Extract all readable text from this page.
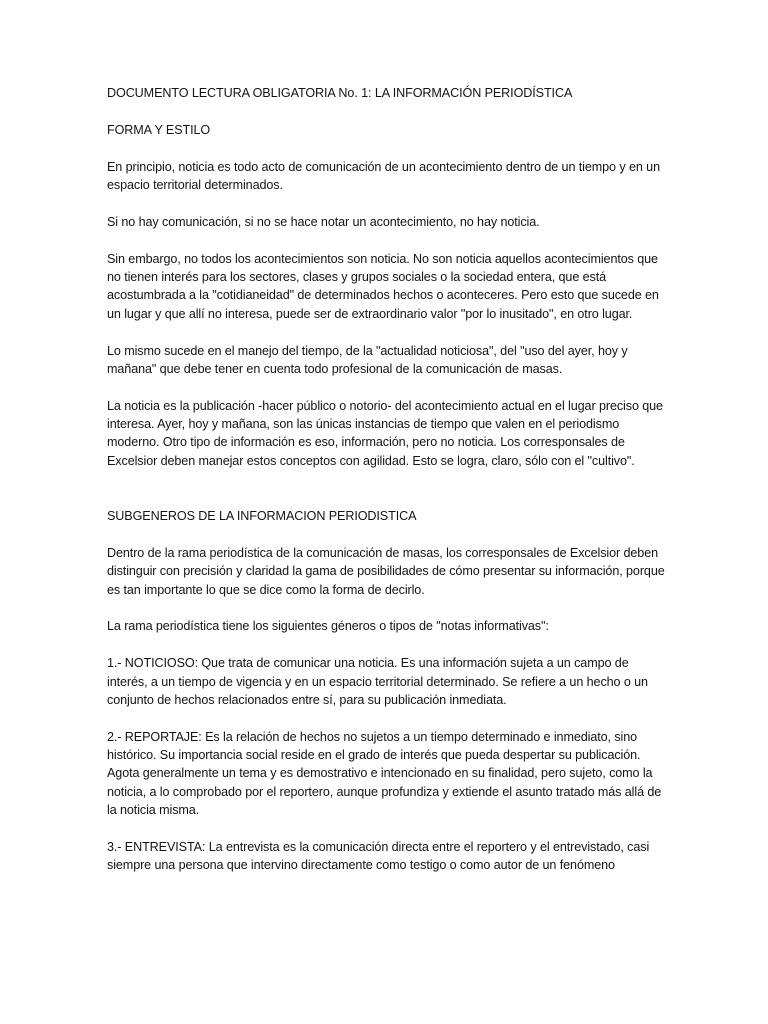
DOCUMENTO LECTURA OBLIGATORIA No. 1: LA INFORMACIÓN PERIODÍSTICA
FORMA Y ESTILO

En principio, noticia es todo acto de comunicación de un acontecimiento dentro de un tiempo y en un espacio territorial determinados.

Si no hay comunicación, si no se hace notar un acontecimiento, no hay noticia.

Sin embargo, no todos los acontecimientos son noticia. No son noticia aquellos acontecimientos que no tienen interés para los sectores, clases y grupos sociales o la sociedad entera, que está acostumbrada a la "cotidianeidad" de determinados hechos o aconteceres. Pero esto que sucede en un lugar y que allí no interesa, puede ser de extraordinario valor "por lo inusitado", en otro lugar.

Lo mismo sucede en el manejo del tiempo, de la "actualidad noticiosa", del "uso del ayer, hoy y mañana" que debe tener en cuenta todo profesional de la comunicación de masas.

La noticia es la publicación -hacer público o notorio- del acontecimiento actual en el lugar preciso que interesa. Ayer, hoy y mañana, son las únicas instancias de tiempo que valen en el periodismo moderno. Otro tipo de información es eso, información, pero no noticia. Los corresponsales de Excelsior deben manejar estos conceptos con agilidad. Esto se logra, claro, sólo con el "cultivo".

SUBGENEROS DE LA INFORMACION PERIODISTICA

Dentro de la rama periodística de la comunicación de masas, los corresponsales de Excelsior deben distinguir con precisión y claridad la gama de posibilidades de cómo presentar su información, porque es tan importante lo que se dice como la forma de decirlo.

La rama periodística tiene los siguientes géneros o tipos de "notas informativas":

1.- NOTICIOSO: Que trata de comunicar una noticia. Es una información sujeta a un campo de interés, a un tiempo de vigencia y en un espacio territorial determinado. Se refiere a un hecho o un conjunto de hechos relacionados entre sí, para su publicación inmediata.

2.- REPORTAJE: Es la relación de hechos no sujetos a un tiempo determinado e inmediato, sino histórico. Su importancia social reside en el grado de interés que pueda despertar su publicación. Agota generalmente un tema y es demostrativo e intencionado en su finalidad, pero sujeto, como la noticia, a lo comprobado por el reportero, aunque profundiza y extiende el asunto tratado más allá de la noticia misma.

3.- ENTREVISTA: La entrevista es la comunicación directa entre el reportero y el entrevistado, casi siempre una persona que intervino directamente como testigo o como autor de un fenómeno
